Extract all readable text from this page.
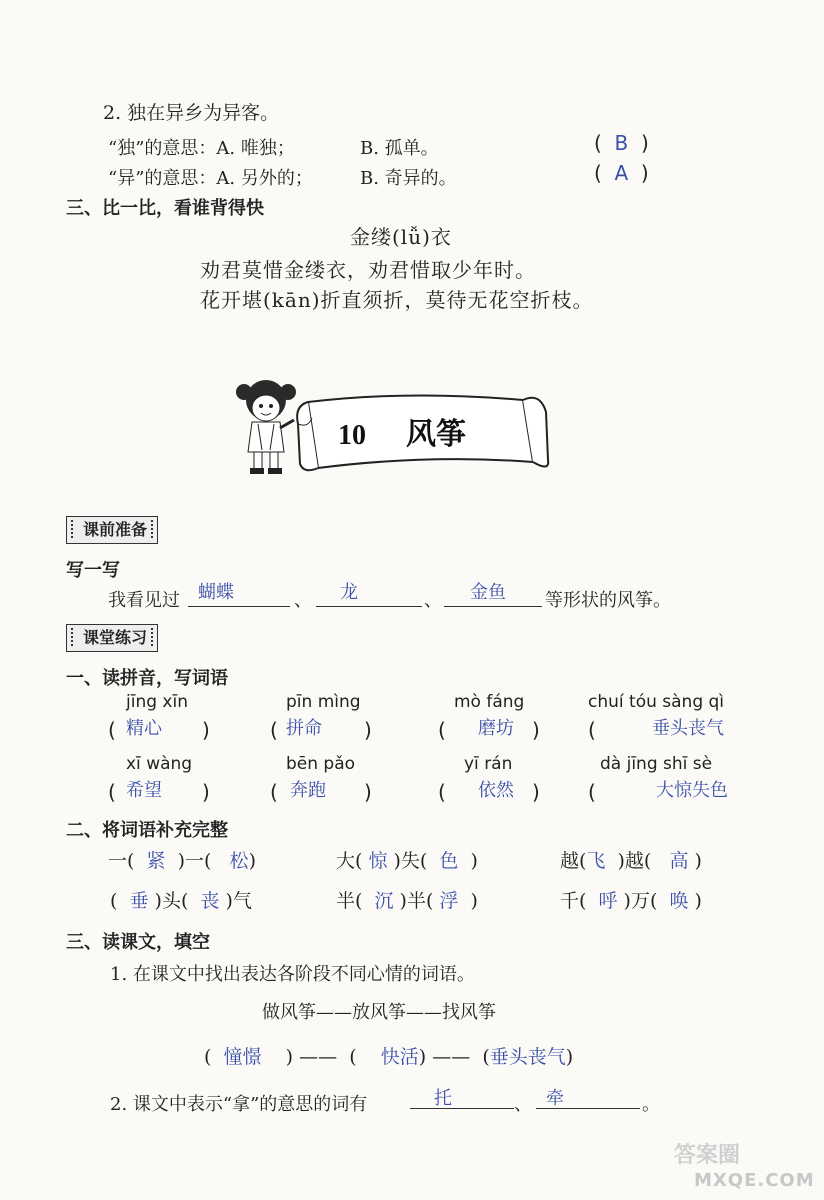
2. 独在异乡为异客。
“独”的意思：A. 唯独；	B. 孤单。	(  B  )
“异”的意思：A. 另外的；	B. 奇异的。	(  A  )
三、比一比，看谁背得快
金缕(lǚ)衣
劝君莫惜金缕衣，劝君惜取少年时。
花开堪(kān)折直须折，莫待无花空折枝。
10 风筝
课前准备
写一写
我看见过 蝴蝶	、 龙	、 金鱼 等形状的风筝。
课堂练习
一、读拼音，写词语
jīng xīn	pīn mìng	mò fáng	chuí tóu sàng qì
( 精心 )	( 拼命 )	( 磨坊 ) (	垂头丧气
xī wàng	bēn pǎo	yī rán	dà jīng shī sè
( 希望 )	( 奔跑 )	( 依然 ) (	大惊失色
二、将词语补充完整
一(  紧  )一(   松)	大( 惊 )失(  色  )	越(飞  )越(   高 )
(  垂 )头(  丧 )气	半(  沉 )半( 浮  )	千(  呼 )万(  唤 )
三、读课文，填空
1. 在课文中找出表达各阶段不同心情的词语。
做风筝——放风筝——找风筝
(  憧憬    ) ——  (    快活) ——  (垂头丧气)
2. 课文中表示“拿”的意思的词有	托	、 牵	。
答案圈
MXQE.COM
